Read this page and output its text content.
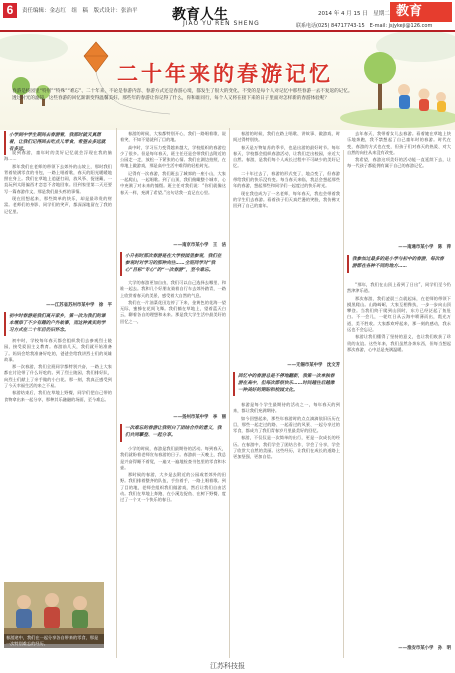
6	责任编辑：金志红　组　稿　版式设计：张治平 教育人生
JIAO YU REN SHENG
2014 年 4 月 15 日　星期二 教育
联系电话(025) 84717743-15　E-mail: jsjykeji@126.com
二十年来的春游记忆
春游是校园里“特别”“特殊”“难忘”、二十年来，不论是春游内容、春游方式还是春游心境，都发生了很大的变化。不变的是每个人对记忆中那些春游一去不复返的记忆。透过时光的滤镜，这些春游的回忆渐渐变得温馨美好。那些年的春游让你记得了什么，你和谁同行，每个人又将在接下来的日子里面对怎样新的春游体验呢？
小学到中学生期间去春游看，我那时就天真想着，让我们记得回去吃点儿零食，希望去多远就有多远。

说到春游，童年时的美好记忆就会浮现在我的脑海……

那年我们在老师的带领下去郊外的山坡上，那时我们背着装满零食的书包，一路上唱着歌，春天的阳光暖暖地照在身上。我们在草地上追逐打闹，放风筝、捉迷藏，一直玩到太阳偏西才恋恋不舍地回家。回到家里第二天还要写一篇春游作文，那是我们最头疼的事情。

现在回想起来，那些简单的快乐，却是最珍贵的财富。老师们的身影、同学们的笑声，都深深地留在了我的记忆里。

——江苏省苏州市某中学　徐　平
初中时春游是我们离开家乡，第一次为我们的课本增添了不少有趣的户外故事，而这种真实的学习方式在二十年后仍旧怀念。

初中时，学校每年春天都会组织我们去参观烈士陵园，接受爱国主义教育。春游前几天，我们就开始准备了。妈妈会给我准备好吃的，爸爸会给我讲烈士们的英雄故事。

那一次春游，我们全班同学都特别兴奋，一路上大家都在讨论带了什么好吃的。到了烈士陵园，我们排好队，向烈士们献上了亲手做的小白花。那一刻，我真正感受到了今天幸福生活的来之不易。

春游结束后，我们在草地上野餐，同学们把自己带的食物拿出来一起分享，那种其乐融融的场面，至今难忘。

春游途中，我们在一起分享各自带来的零食，那是一次特别难忘的经历。

春游的时候，大家都特别开心，我们一路唱着歌、说着笑，不知不觉就到了目的地。

高中时，学习压力变得越来越大，学校组织的春游也少了很多。但是每年春天，班主任还是会带我们去附近的公园走一走，放松一下紧张的心情。我们在湖边拍照，在草地上做游戏，那是高中生活中难得的轻松时光。

记得有一次春游，我们班去了城郊的一座小山，大家一起爬山，一起唱歌。到了山顶，我们俯瞰整个城市，心中充满了对未来的憧憬。班主任对我们说：“你们就像这春天一样，充满了希望。”这句话我一直记在心里。

——南京市某小学　王　洁
小升初时那次春游是在大学校园里参观，我们在参观时对学习的那种向往……全班同学对“我心”目标“专心”的“一次春游”，至今难忘。

大学的春游更加自由，我们可以自己选择去哪里、和谁一起去。我和几个好朋友骑着自行车去郊外踏青，一路上欣赏着春天的美景，感受着大自然的气息。

我们在一片油菜花田边停了下来，金黄色的花海一望无际，蜜蜂在花间飞舞。我们躺在草地上，望着蓝天白云，聊着各自的理想和未来。那是我大学生活中最美好的回忆之一。

——扬州市某中学　李　丽
一次难忘的春游让我明白了团结合作的意义，我们共同攀登、一起分享。

小学的时候，春游是我们最期待的活动。每到春天，我们就盼着老师宣布春游的日子。春游前一天晚上，我总是兴奋得睡不着觉，一遍又一遍地检查书包里的零食和水壶。

那时候的春游，大多是去附近的公园或者郊外的田野。我们排着整齐的队伍，手拉着手，一路上唱着歌。到了目的地，老师会组织我们做游戏，然后让我们自由活动。我们在草地上奔跑、在小溪边捉鱼、在树下野餐，度过了一个又一个快乐的春日。

春游的时候，我们在路上唱歌、讲故事、做游戏，时间过得特别快。

春天是万物复苏的季节，也是出游的最好时节。每年春天，学校都会组织春游活动，让我们走出校园，亲近大自然。春游，是我们每个人成长过程中不可缺少的美好记忆。

二十年过去了，春游的形式变了，地点变了，但春游带给我们的快乐没有变。每当春天来临，我总会想起那些年的春游，想起那些和同学们一起度过的快乐时光。

现在我也成为了一名老师，每年春天，我也会带着我的学生们去春游。看着孩子们天真烂漫的笑脸，我仿佛又回到了自己的童年。

——无锡市某中学　沈文芳
回忆中的春游总是不停地翻新，我第一次单独春游在高中，但每次都很快乐……时间越往后越像一种美好的期盼和校园文化。

春游是每个学生最期待的活动之一，每年春天的到来，都让我们充满期待。

如今回想起来，那些年春游时的点点滴滴依旧历历在目，那些一起走过的路、一起看过的风景、一起分享过的零食，都成为了我们青春岁月里最美好的回忆。

春游，不仅仅是一次简单的出行，更是一次成长的经历。在春游中，我们学会了团结合作，学会了分享，学会了欣赏大自然的美丽。这些经历，让我们在成长的道路上更加坚强、更加自信。

去年春天，我带着女儿去春游。看着她在草地上快乐地奔跑，我不禁想起了自己童年时的春游。时代在变，春游的方式也在变，但孩子们对春天的热爱、对大自然的向往从来没有改变。

我希望，春游这项美好的活动能一直延续下去，让每一代孩子都能拥有属于自己的春游记忆。

——南通市某小学　陈　萍
我参加过最多的是小学与初中的春游，每次春游都在各种不同的地方……

“那年，我们在山顶上看到了日出”，同学们至今仍然津津乐道。

那次春游，我们凌晨三点就起床，在老师的带领下摸黑爬山。山路崎岖，大家互相搀扶，一步一步向山顶攀登。当我们终于爬到山顶时，东方已经泛起了鱼肚白。不一会儿，一轮红日从云海中喷薄而出，霞光万道，美不胜收。大家都欢呼起来，那一刻的感动，我永远也不会忘记。

春游让我们懂得了坚持的意义，也让我们收获了珍贵的友谊。这些年来，我们虽然各奔东西，但每当想起那次春游，心中总是充满温暖。

——淮安市某小学　孙　明
江苏科技报
